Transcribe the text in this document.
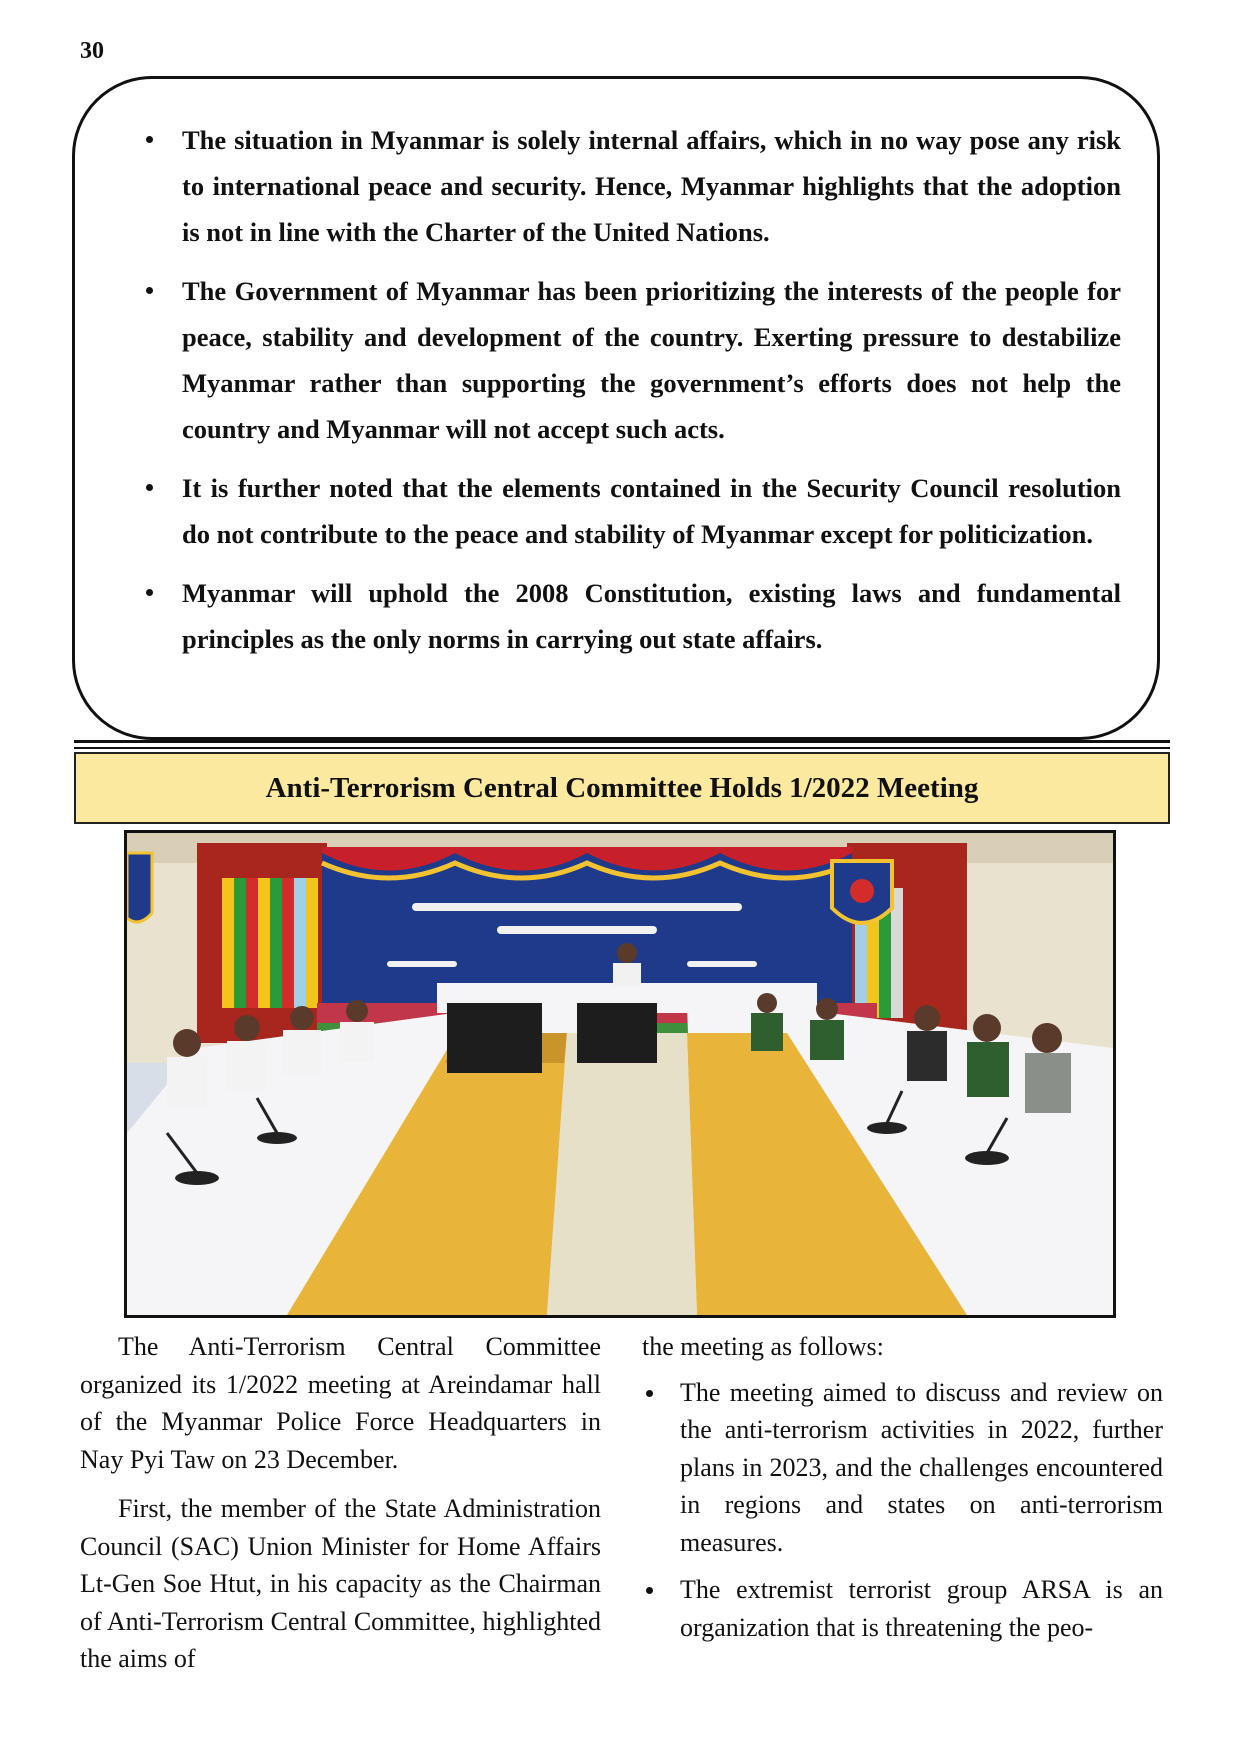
30
The situation in Myanmar is solely internal affairs, which in no way pose any risk to international peace and security. Hence, Myanmar highlights that the adoption is not in line with the Charter of the United Nations.
The Government of Myanmar has been prioritizing the interests of the people for peace, stability and development of the country. Exerting pressure to destabilize Myanmar rather than supporting the government’s efforts does not help the country and Myanmar will not accept such acts.
It is further noted that the elements contained in the Security Council resolution do not contribute to the peace and stability of Myanmar except for politicization.
Myanmar will uphold the 2008 Constitution, existing laws and fundamental principles as the only norms in carrying out state affairs.
Anti-Terrorism Central Committee Holds 1/2022 Meeting

The Anti-Terrorism Central Committee organized its 1/2022 meeting at Areindamar hall of the Myanmar Police Force Headquarters in Nay Pyi Taw on 23 December.

First, the member of the State Administration Council (SAC) Union Minister for Home Affairs Lt-Gen Soe Htut, in his capacity as the Chairman of Anti-Terrorism Central Committee, highlighted the aims of

the meeting as follows:

The meeting aimed to discuss and review on the anti-terrorism activities in 2022, further plans in 2023, and the challenges encountered in regions and states on anti-terrorism measures.
The extremist terrorist group ARSA is an organization that is threatening the peo-
